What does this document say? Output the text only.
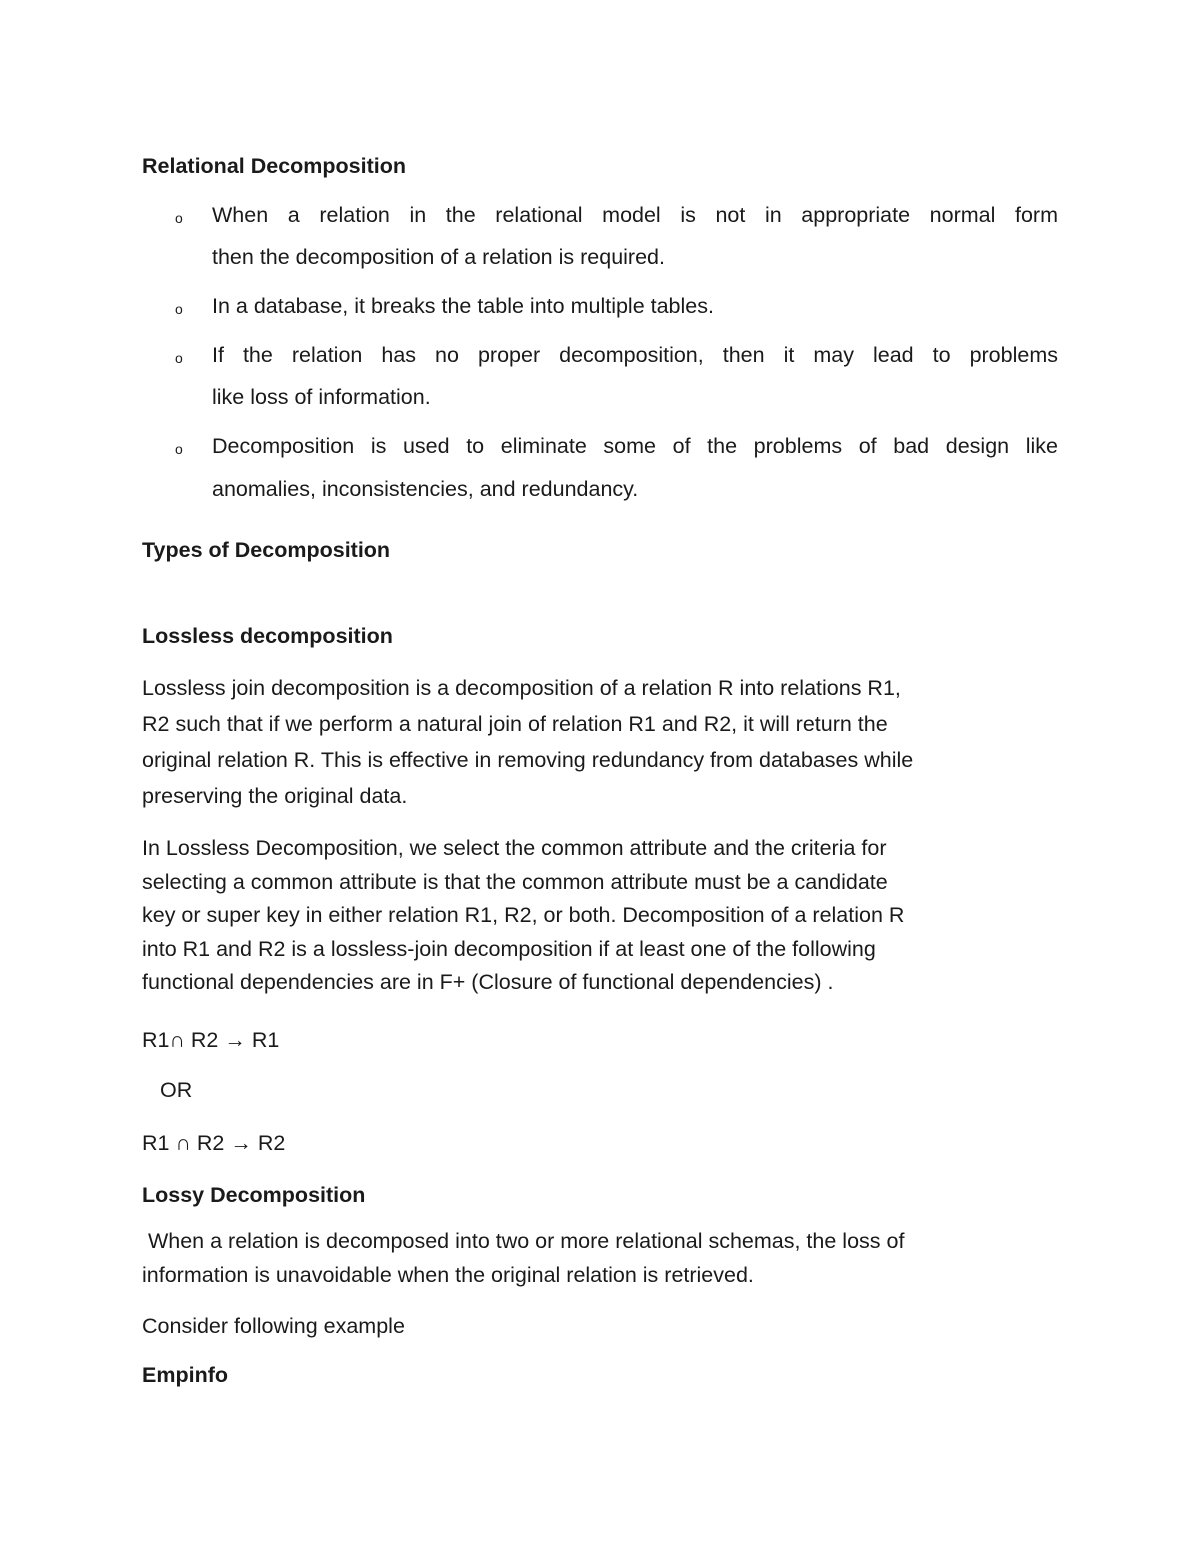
Relational Decomposition
o When a relation in the relational model is not in appropriate normal form
then the decomposition of a relation is required.
o In a database, it breaks the table into multiple tables.
o If the relation has no proper decomposition, then it may lead to problems
like loss of information.
o Decomposition is used to eliminate some of the problems of bad design like
anomalies, inconsistencies, and redundancy.
Types of Decomposition
Lossless decomposition
Lossless join decomposition is a decomposition of a relation R into relations R1,
R2 such that if we perform a natural join of relation R1 and R2, it will return the
original relation R. This is effective in removing redundancy from databases while
preserving the original data.
In Lossless Decomposition, we select the common attribute and the criteria for
selecting a common attribute is that the common attribute must be a candidate
key or super key in either relation R1, R2, or both. Decomposition of a relation R
into R1 and R2 is a lossless-join decomposition if at least one of the following
functional dependencies are in F+ (Closure of functional dependencies) .
R1∩ R2 → R1
OR
R1 ∩ R2 → R2
Lossy Decomposition
When a relation is decomposed into two or more relational schemas, the loss of
information is unavoidable when the original relation is retrieved.
Consider following example
Empinfo
